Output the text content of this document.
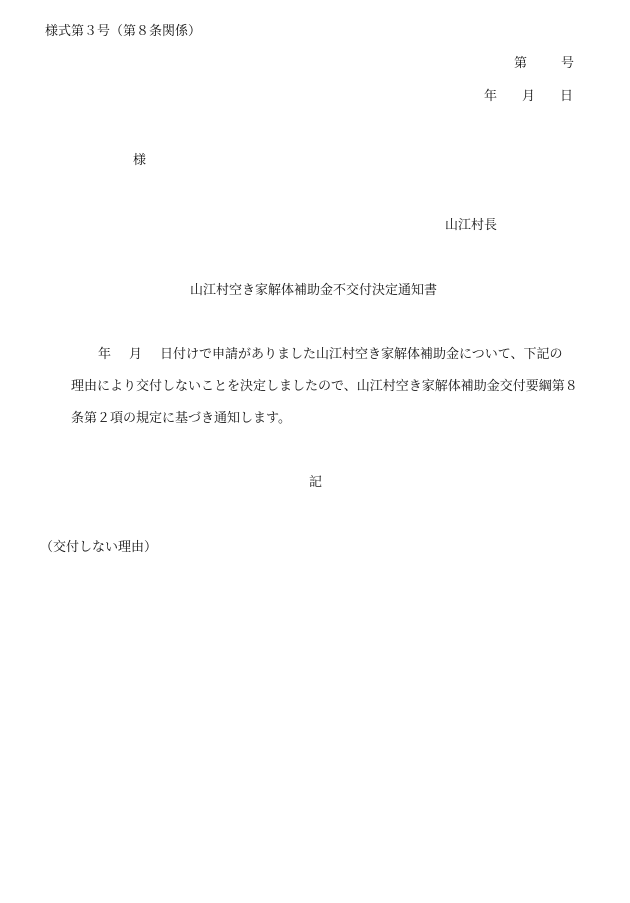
様式第３号（第８条関係）
第	号
年 月 日
様
山江村長
山江村空き家解体補助金不交付決定通知書
年 月 日付けで申請がありました山江村空き家解体補助金について、下記の
理由により交付しないことを決定しましたので、山江村空き家解体補助金交付要綱第８
条第２項の規定に基づき通知します。
記
（交付しない理由）
